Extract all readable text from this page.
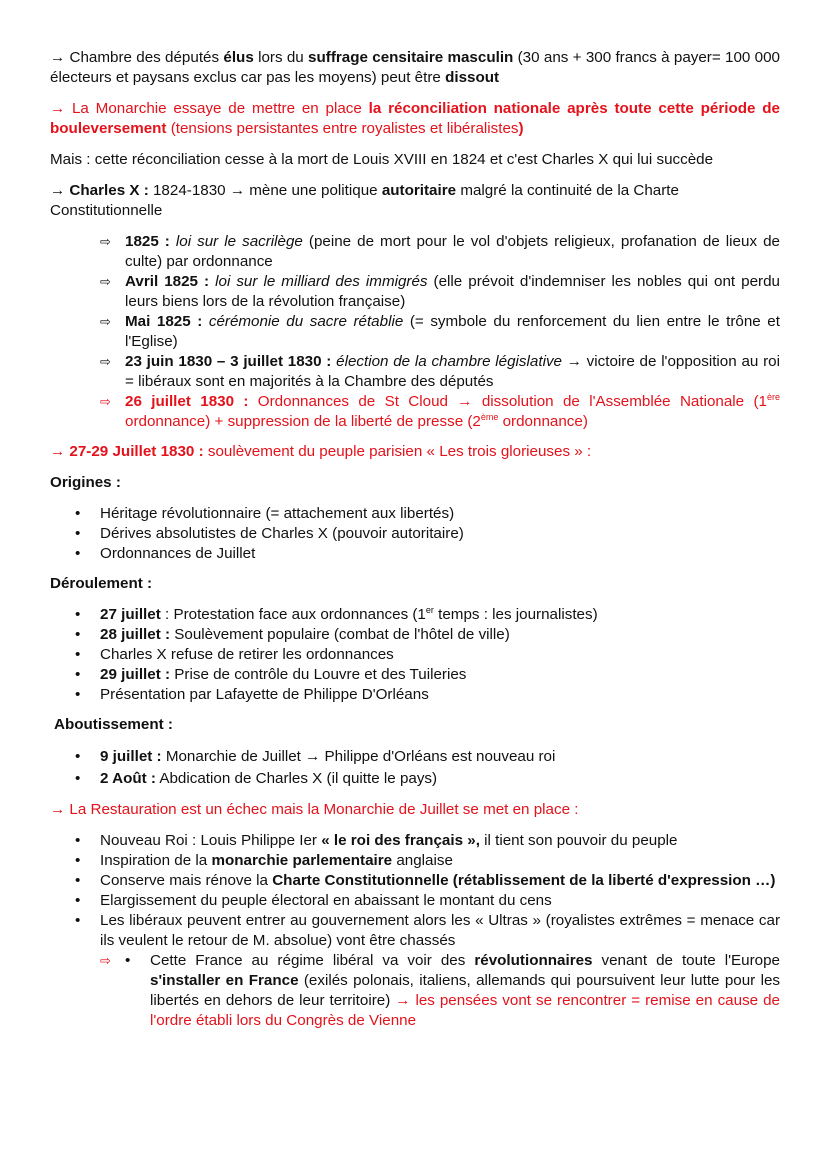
→ Chambre des députés élus lors du suffrage censitaire masculin (30 ans + 300 francs à payer= 100 000 électeurs et paysans exclus car pas les moyens) peut être dissout

→ La Monarchie essaye de mettre en place la réconciliation nationale après toute cette période de bouleversement (tensions persistantes entre royalistes et libéralistes)

Mais : cette réconciliation cesse à la mort de Louis XVIII en 1824 et c'est Charles X qui lui succède

→ Charles X : 1824-1830 → mène une politique autoritaire malgré la continuité de la Charte Constitutionnelle

⇨ 1825 : loi sur le sacrilège (peine de mort pour le vol d'objets religieux, profanation de lieux de culte) par ordonnance
⇨ Avril 1825 : loi sur le milliard des immigrés (elle prévoit d'indemniser les nobles qui ont perdu leurs biens lors de la révolution française)
⇨ Mai 1825 : cérémonie du sacre rétablie (= symbole du renforcement du lien entre le trône et l'Eglise)
⇨ 23 juin 1830 – 3 juillet 1830 : élection de la chambre législative → victoire de l'opposition au roi = libéraux sont en majorités à la Chambre des députés
⇨ 26 juillet 1830 : Ordonnances de St Cloud → dissolution de l'Assemblée Nationale (1ère ordonnance) + suppression de la liberté de presse (2ème ordonnance)

→ 27-29 Juillet 1830 : soulèvement du peuple parisien « Les trois glorieuses » :

Origines :

• Héritage révolutionnaire (= attachement aux libertés)
• Dérives absolutistes de Charles X (pouvoir autoritaire)
• Ordonnances de Juillet

Déroulement :

• 27 juillet : Protestation face aux ordonnances (1er temps : les journalistes)
• 28 juillet : Soulèvement populaire (combat de l'hôtel de ville)
• Charles X refuse de retirer les ordonnances
• 29 juillet : Prise de contrôle du Louvre et des Tuileries
• Présentation par Lafayette de Philippe D'Orléans

Aboutissement :

• 9 juillet : Monarchie de Juillet → Philippe d'Orléans est nouveau roi
• 2 Août : Abdication de Charles X (il quitte le pays)

→ La Restauration est un échec mais la Monarchie de Juillet se met en place :

• Nouveau Roi : Louis Philippe Ier « le roi des français », il tient son pouvoir du peuple
• Inspiration de la monarchie parlementaire anglaise
• Conserve mais rénove la Charte Constitutionnelle (rétablissement de la liberté d'expression …)
• Elargissement du peuple électoral en abaissant le montant du cens
• Les libéraux peuvent entrer au gouvernement alors les « Ultras » (royalistes extrêmes = menace car ils veulent le retour de M. absolue) vont être chassés
• ⇨	Cette France au régime libéral va voir des révolutionnaires venant de toute l'Europe s'installer en France (exilés polonais, italiens, allemands qui poursuivent leur lutte pour les libertés en dehors de leur territoire) → les pensées vont se rencontrer = remise en cause de l'ordre établi lors du Congrès de Vienne
